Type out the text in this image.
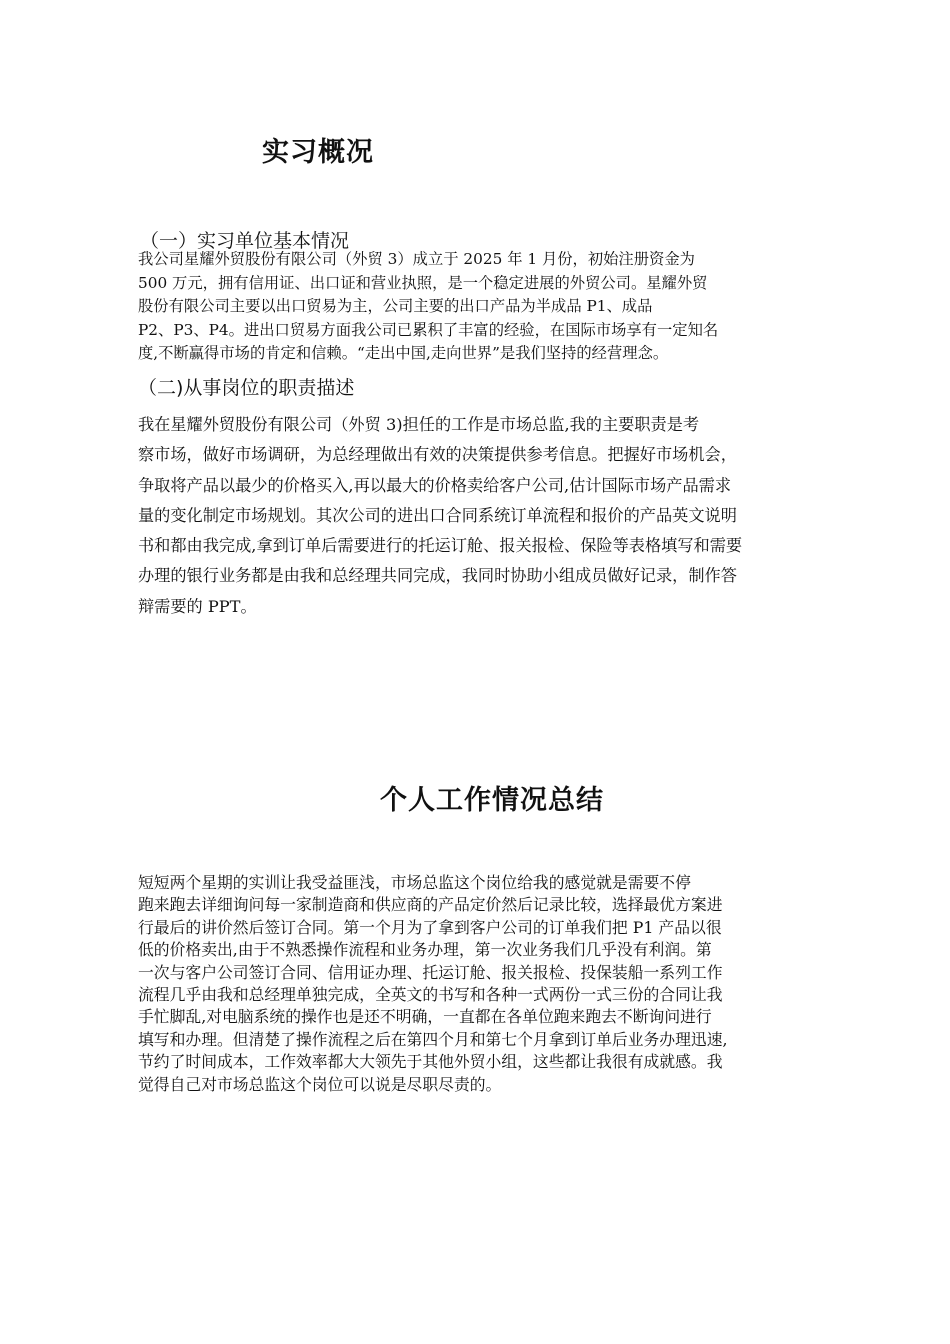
实习概况
（一）实习单位基本情况
我公司星耀外贸股份有限公司（外贸 3）成立于 2025 年 1 月份，初始注册资金为
500 万元，拥有信用证、出口证和营业执照，是一个稳定进展的外贸公司。星耀外贸
股份有限公司主要以出口贸易为主，公司主要的出口产品为半成品 P1、成品
P2、P3、P4。进出口贸易方面我公司已累积了丰富的经验，在国际市场享有一定知名
度,不断赢得市场的肯定和信赖。“走出中国,走向世界”是我们坚持的经营理念。
（二)从事岗位的职责描述
我在星耀外贸股份有限公司（外贸 3)担任的工作是市场总监,我的主要职责是考
察市场，做好市场调研，为总经理做出有效的决策提供参考信息。把握好市场机会，
争取将产品以最少的价格买入,再以最大的价格卖给客户公司,估计国际市场产品需求
量的变化制定市场规划。其次公司的进出口合同系统订单流程和报价的产品英文说明
书和都由我完成,拿到订单后需要进行的托运订舱、报关报检、保险等表格填写和需要
办理的银行业务都是由我和总经理共同完成，我同时协助小组成员做好记录，制作答
辩需要的 PPT。
个人工作情况总结
短短两个星期的实训让我受益匪浅，市场总监这个岗位给我的感觉就是需要不停
跑来跑去详细询问每一家制造商和供应商的产品定价然后记录比较，选择最优方案进
行最后的讲价然后签订合同。第一个月为了拿到客户公司的订单我们把 P1 产品以很
低的价格卖出,由于不熟悉操作流程和业务办理，第一次业务我们几乎没有利润。第
一次与客户公司签订合同、信用证办理、托运订舱、报关报检、投保装船一系列工作
流程几乎由我和总经理单独完成，全英文的书写和各种一式两份一式三份的合同让我
手忙脚乱,对电脑系统的操作也是还不明确，一直都在各单位跑来跑去不断询问进行
填写和办理。但清楚了操作流程之后在第四个月和第七个月拿到订单后业务办理迅速,
节约了时间成本，工作效率都大大领先于其他外贸小组，这些都让我很有成就感。我
觉得自己对市场总监这个岗位可以说是尽职尽责的。
